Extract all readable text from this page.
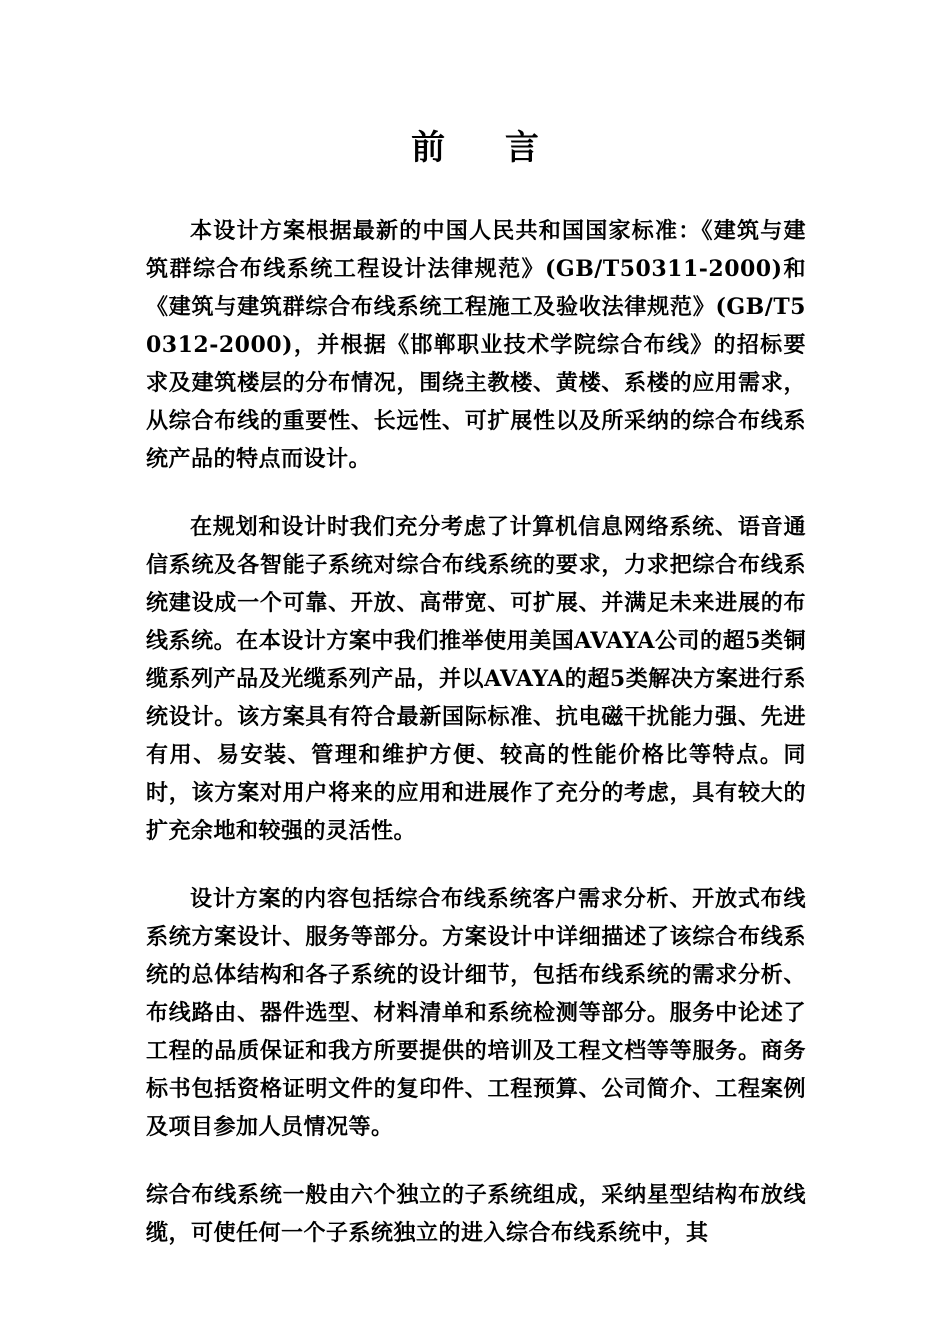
前 言

本设计方案根据最新的中国人民共和国国家标准：《建筑与建筑群综合布线系统工程设计法律规范》(GB/T50311-2000)和《建筑与建筑群综合布线系统工程施工及验收法律规范》(GB/T50312-2000)，并根据《邯郸职业技术学院综合布线》的招标要求及建筑楼层的分布情况，围绕主教楼、黄楼、系楼的应用需求，从综合布线的重要性、长远性、可扩展性以及所采纳的综合布线系统产品的特点而设计。

在规划和设计时我们充分考虑了计算机信息网络系统、语音通信系统及各智能子系统对综合布线系统的要求，力求把综合布线系统建设成一个可靠、开放、高带宽、可扩展、并满足未来进展的布线系统。在本设计方案中我们推举使用美国AVAYA公司的超5类铜缆系列产品及光缆系列产品，并以AVAYA的超5类解决方案进行系统设计。该方案具有符合最新国际标准、抗电磁干扰能力强、先进有用、易安装、管理和维护方便、较高的性能价格比等特点。同时，该方案对用户将来的应用和进展作了充分的考虑，具有较大的扩充余地和较强的灵活性。

设计方案的内容包括综合布线系统客户需求分析、开放式布线系统方案设计、服务等部分。方案设计中详细描述了该综合布线系统的总体结构和各子系统的设计细节，包括布线系统的需求分析、布线路由、器件选型、材料清单和系统检测等部分。服务中论述了工程的品质保证和我方所要提供的培训及工程文档等等服务。商务标书包括资格证明文件的复印件、工程预算、公司简介、工程案例及项目参加人员情况等。

综合布线系统一般由六个独立的子系统组成，采纳星型结构布放线缆，可使任何一个子系统独立的进入综合布线系统中，其
